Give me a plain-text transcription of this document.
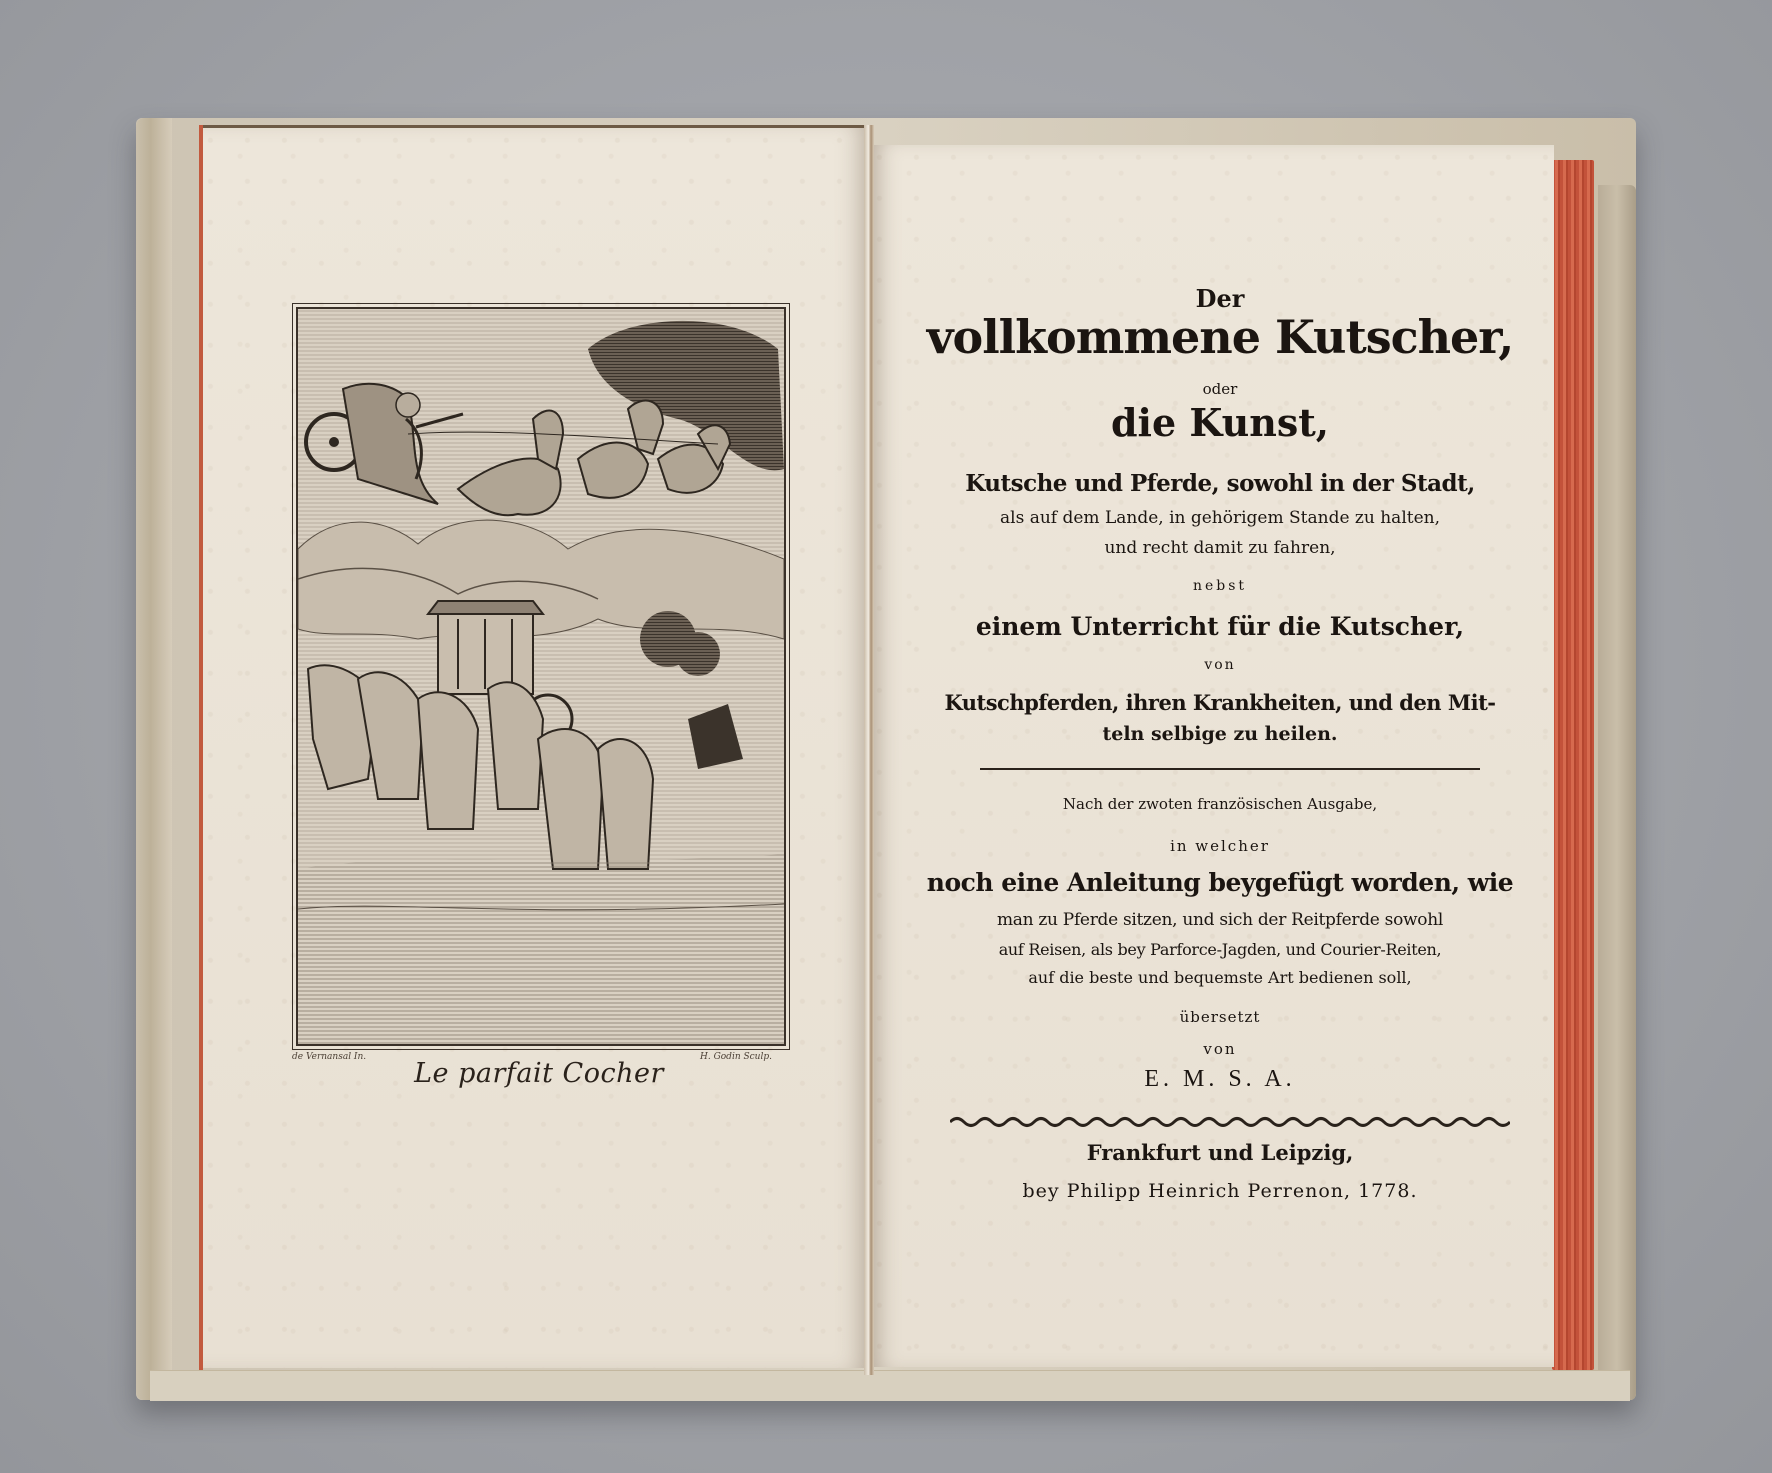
de Vernansal In.	H. Godin Sculp.
Le parfait Cocher
Der
vollkommene Kutscher,
oder
die Kunst,
Kutsche und Pferde, sowohl in der Stadt,
als auf dem Lande, in gehörigem Stande zu halten,
und recht damit zu fahren,
nebst
einem Unterricht für die Kutscher,
von
Kutschpferden, ihren Krankheiten, und den Mit-
teln selbige zu heilen.
Nach der zwoten französischen Ausgabe,
in welcher
noch eine Anleitung beygefügt worden, wie
man zu Pferde sitzen, und sich der Reitpferde sowohl
auf Reisen, als bey Parforce-Jagden, und Courier-Reiten,
auf die beste und bequemste Art bedienen soll,
übersetzt
von
E. M. S. A.
Frankfurt und Leipzig,
bey Philipp Heinrich Perrenon, 1778.
